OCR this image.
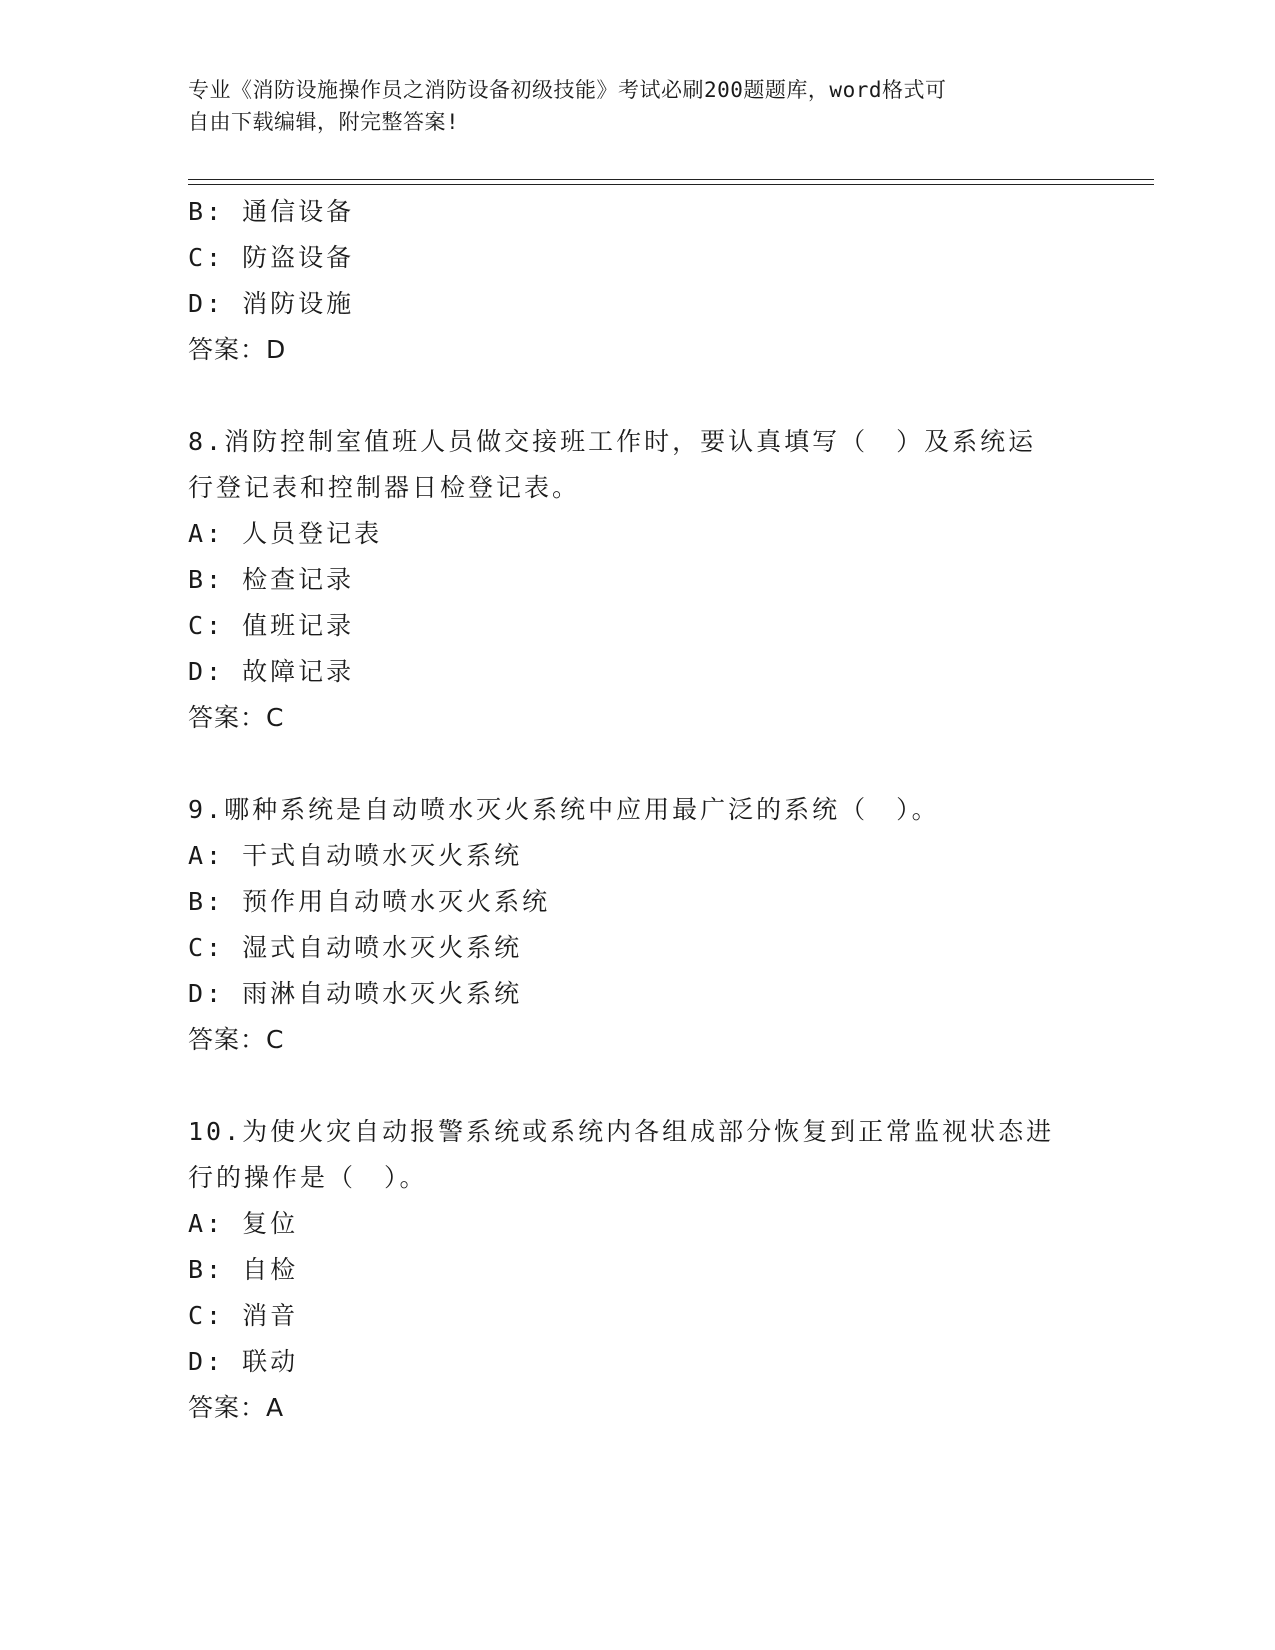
专业《消防设施操作员之消防设备初级技能》考试必刷200题题库，word格式可
自由下载编辑，附完整答案!
B: 通信设备
C: 防盗设备
D: 消防设施
答案：D
8.消防控制室值班人员做交接班工作时，要认真填写（　）及系统运
行登记表和控制器日检登记表。
A: 人员登记表
B: 检查记录
C: 值班记录
D: 故障记录
答案：C
9.哪种系统是自动喷水灭火系统中应用最广泛的系统（　）。
A: 干式自动喷水灭火系统
B: 预作用自动喷水灭火系统
C: 湿式自动喷水灭火系统
D: 雨淋自动喷水灭火系统
答案：C
10.为使火灾自动报警系统或系统内各组成部分恢复到正常监视状态进
行的操作是（　）。
A: 复位
B: 自检
C: 消音
D: 联动
答案：A
